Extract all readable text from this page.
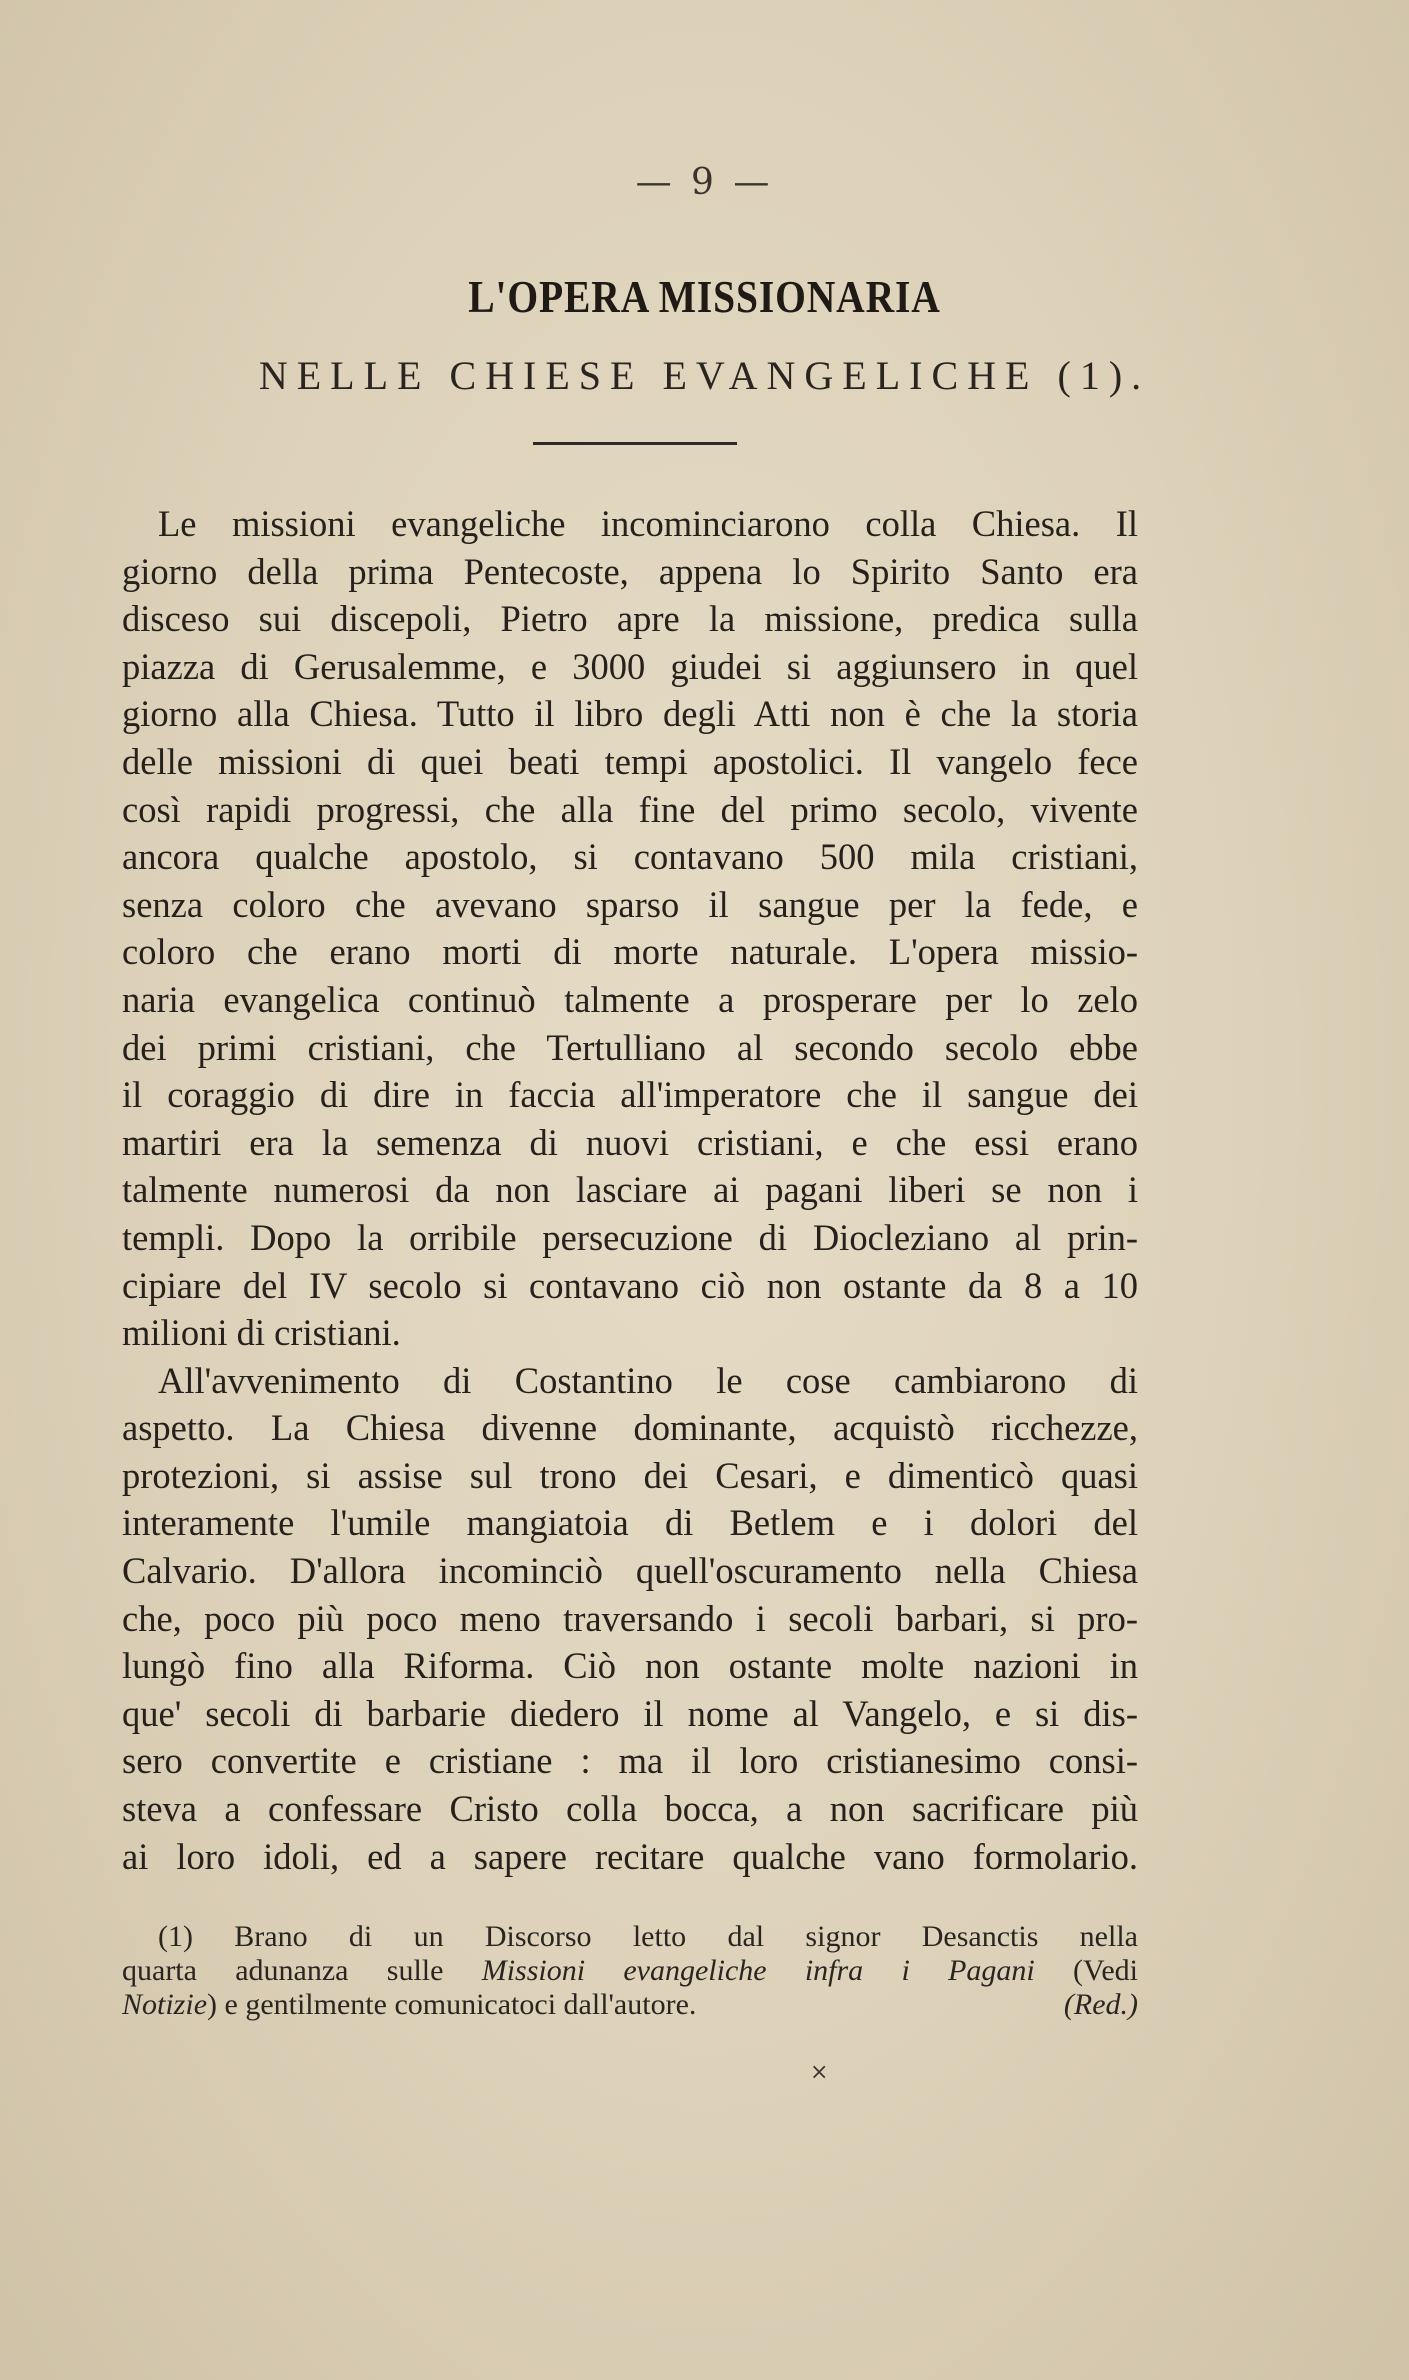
— 9 —
L'OPERA MISSIONARIA
NELLE CHIESE EVANGELICHE (1).
Le missioni evangeliche incominciarono colla Chiesa. Il
giorno della prima Pentecoste, appena lo Spirito Santo era
disceso sui discepoli, Pietro apre la missione, predica sulla
piazza di Gerusalemme, e 3000 giudei si aggiunsero in quel
giorno alla Chiesa. Tutto il libro degli Atti non è che la storia
delle missioni di quei beati tempi apostolici. Il vangelo fece
così rapidi progressi, che alla fine del primo secolo, vivente
ancora qualche apostolo, si contavano 500 mila cristiani,
senza coloro che avevano sparso il sangue per la fede, e
coloro che erano morti di morte naturale. L'opera missio-
naria evangelica continuò talmente a prosperare per lo zelo
dei primi cristiani, che Tertulliano al secondo secolo ebbe
il coraggio di dire in faccia all'imperatore che il sangue dei
martiri era la semenza di nuovi cristiani, e che essi erano
talmente numerosi da non lasciare ai pagani liberi se non i
templi. Dopo la orribile persecuzione di Diocleziano al prin-
cipiare del IV secolo si contavano ciò non ostante da 8 a 10
milioni di cristiani.
All'avvenimento di Costantino le cose cambiarono di
aspetto. La Chiesa divenne dominante, acquistò ricchezze,
protezioni, si assise sul trono dei Cesari, e dimenticò quasi
interamente l'umile mangiatoia di Betlem e i dolori del
Calvario. D'allora incominciò quell'oscuramento nella Chiesa
che, poco più poco meno traversando i secoli barbari, si pro-
lungò fino alla Riforma. Ciò non ostante molte nazioni in
que' secoli di barbarie diedero il nome al Vangelo, e si dis-
sero convertite e cristiane : ma il loro cristianesimo consi-
steva a confessare Cristo colla bocca, a non sacrificare più
ai loro idoli, ed a sapere recitare qualche vano formolario.
(1) Brano di un Discorso letto dal signor Desanctis nella
quarta adunanza sulle Missioni evangeliche infra i Pagani (Vedi
Notizie) e gentilmente comunicatoci dall'autore.	(Red.)
×
